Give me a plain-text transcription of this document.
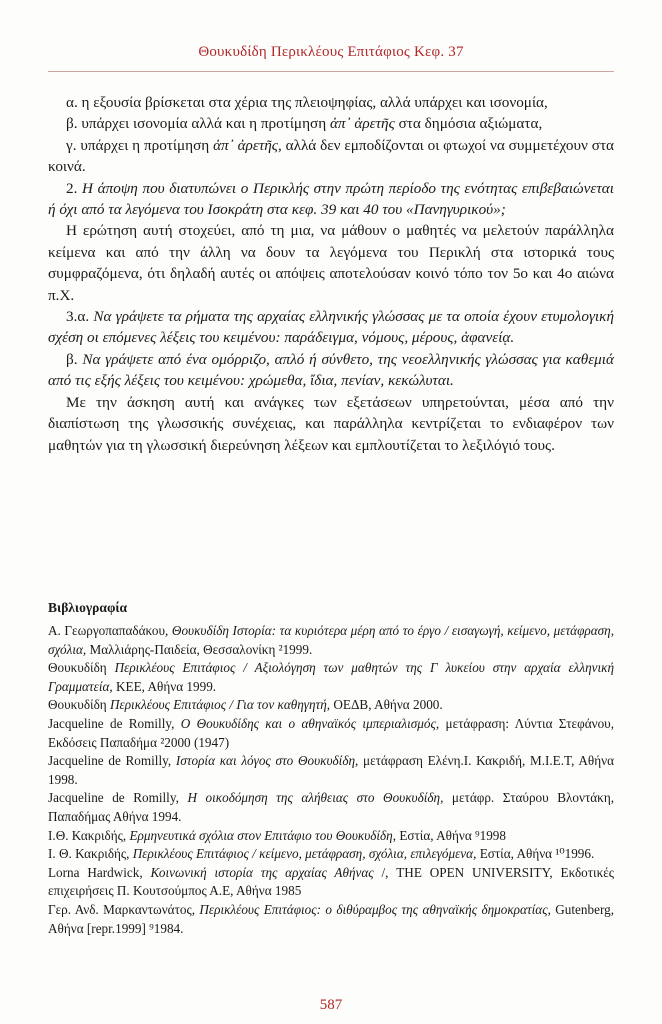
Θουκυδίδη Περικλέους Επιτάφιος Κεφ. 37

α. η εξουσία βρίσκεται στα χέρια της πλειοψηφίας, αλλά υπάρχει και ισονομία,

β. υπάρχει ισονομία αλλά και η προτίμηση ἀπ᾽ ἀρετῆς στα δημόσια αξιώματα,

γ. υπάρχει η προτίμηση ἀπ᾽ ἀρετῆς, αλλά δεν εμποδίζονται οι φτωχοί να συμμετέχουν στα κοινά.

2. Η άποψη που διατυπώνει ο Περικλής στην πρώτη περίοδο της ενότητας επιβεβαιώνεται ή όχι από τα λεγόμενα του Ισοκράτη στα κεφ. 39 και 40 του «Πανηγυρικού»;

Η ερώτηση αυτή στοχεύει, από τη μια, να μάθουν ο μαθητές να μελετούν παράλληλα κείμενα και από την άλλη να δουν τα λεγόμενα του Περικλή στα ιστορικά τους συμφραζόμενα, ότι δηλαδή αυτές οι απόψεις αποτελούσαν κοινό τόπο τον 5ο και 4ο αιώνα π.Χ.

3.α. Να γράψετε τα ρήματα της αρχαίας ελληνικής γλώσσας με τα οποία έχουν ετυμολογική σχέση οι επόμενες λέξεις του κειμένου: παράδειγμα, νόμους, μέρους, ἀφανείᾳ.

β. Να γράψετε από ένα ομόρριζο, απλό ή σύνθετο, της νεοελληνικής γλώσσας για καθεμιά από τις εξής λέξεις του κειμένου: χρώμεθα, ἴδια, πενίαν, κεκώλυται.

Με την άσκηση αυτή και ανάγκες των εξετάσεων υπηρετούνται, μέσα από την διαπίστωση της γλωσσικής συνέχειας, και παράλληλα κεντρίζεται το ενδιαφέρον των μαθητών για τη γλωσσική διερεύνηση λέξεων και εμπλουτίζεται το λεξιλόγιό τους.

Βιβλιογραφία

Α. Γεωργοπαπαδάκου, Θουκυδίδη Ιστορία: τα κυριότερα μέρη από το έργο / εισαγωγή, κείμενο, μετάφραση, σχόλια, Μαλλιάρης-Παιδεία, Θεσσαλονίκη ²1999.

Θουκυδίδη Περικλέους Επιτάφιος / Αξιολόγηση των μαθητών της Γ λυκείου στην αρχαία ελληνική Γραμματεία, ΚΕΕ, Αθήνα 1999.

Θουκυδίδη Περικλέους Επιτάφιος / Για τον καθηγητή, ΟΕΔΒ, Αθήνα 2000.

Jacqueline de Romilly, Ο Θουκυδίδης και ο αθηναϊκός ιμπεριαλισμός, μετάφραση: Λύντια Στεφάνου, Εκδόσεις Παπαδήμα ²2000 (1947)

Jacqueline de Romilly, Ιστορία και λόγος στο Θουκυδίδη, μετάφραση Ελένη.Ι. Κακριδή, Μ.Ι.Ε.Τ, Αθήνα 1998.

Jacqueline de Romilly, Η οικοδόμηση της αλήθειας στο Θουκυδίδη, μετάφρ. Σταύρου Βλοντάκη, Παπαδήμας Αθήνα 1994.

Ι.Θ. Κακριδής, Ερμηνευτικά σχόλια στον Επιτάφιο του Θουκυδίδη, Εστία, Αθήνα ⁹1998

Ι. Θ. Κακριδής, Περικλέους Επιτάφιος / κείμενο, μετάφραση, σχόλια, επιλεγόμενα, Εστία, Αθήνα ¹⁰1996.

Lorna Hardwick, Κοινωνική ιστορία της αρχαίας Αθήνας /, THE OPEN UNIVERSITY, Εκδοτικές επιχειρήσεις Π. Κουτσούμπος Α.Ε, Αθήνα 1985

Γερ. Ανδ. Μαρκαντωνάτος, Περικλέους Επιτάφιος: ο διθύραμβος της αθηναϊκής δημοκρατίας, Gutenberg, Αθήνα [repr.1999] ⁹1984.

587
